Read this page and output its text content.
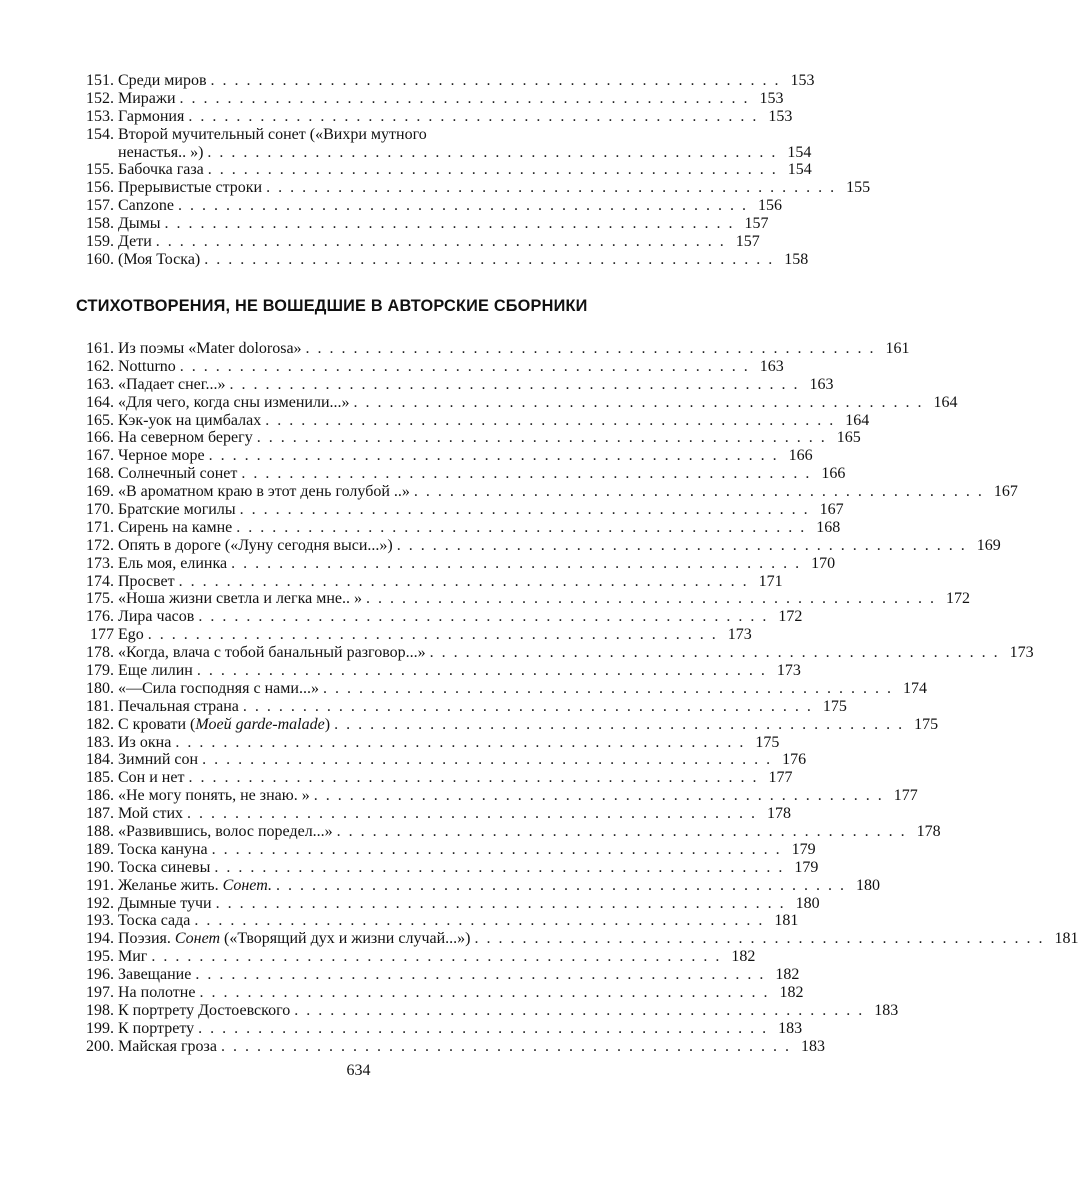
151. Среди миров . . .	153
152. Миражи . . .	153
153. Гармония . . .	153
154. Второй мучительный сонет («Вихри мутного
ненастья.. ») . . .	154
155. Бабочка газа . . .	154
156. Прерывистые строки . . .	155
157. Canzone . . .	156
158. Дымы . . .	157
159. Дети . . .	157
160. (Моя Тоска) . . .	158
СТИХОТВОРЕНИЯ, НЕ ВОШЕДШИЕ В АВТОРСКИЕ СБОРНИКИ
161. Из поэмы «Mater dolorosa» . . .	161
162. Notturno . . .	163
163. «Падает снег...» . . .	163
164. «Для чего, когда сны изменили...» . . .	164
165. Кэк-уок на цимбалах . . .	164
166. На северном берегу . . .	165
167. Черное море . . .	166
168. Солнечный сонет . . .	166
169. «В ароматном краю в этот день голубой ..» . . .	167
170. Братские могилы . . .	167
171. Сирень на камне . . .	168
172. Опять в дороге («Луну сегодня выси...») . . .	169
173. Ель моя, елинка . . .	170
174. Просвет . . .	171
175. «Ноша жизни светла и легка мне.. » . . .	172
176. Лира часов . . .	172
177 Ego . . .	173
178. «Когда, влача с тобой банальный разговор...» . . .	173
179. Еще лилин . . .	173
180. «—Сила господняя с нами...» . . .	174
181. Печальная страна . . .	175
182. С кровати (Моей garde-malade) . . .	175
183. Из окна . . .	175
184. Зимний сон . . .	176
185. Сон и нет . . .	177
186. «Не могу понять, не знаю. » . . .	177
187. Мой стих . . .	178
188. «Развившись, волос поредел...» . . .	178
189. Тоска кануна . . .	179
190. Тоска синевы . . .	179
191. Желанье жить. Сонет. . . .	180
192. Дымные тучи . . .	180
193. Тоска сада . . .	181
194. Поэзия. Сонет («Творящий дух и жизни случай...») . . .	181
195. Миг . . .	182
196. Завещание . . .	182
197. На полотне . . .	182
198. К портрету Достоевского . . .	183
199. К портрету . . .	183
200. Майская гроза . . .	183
634
